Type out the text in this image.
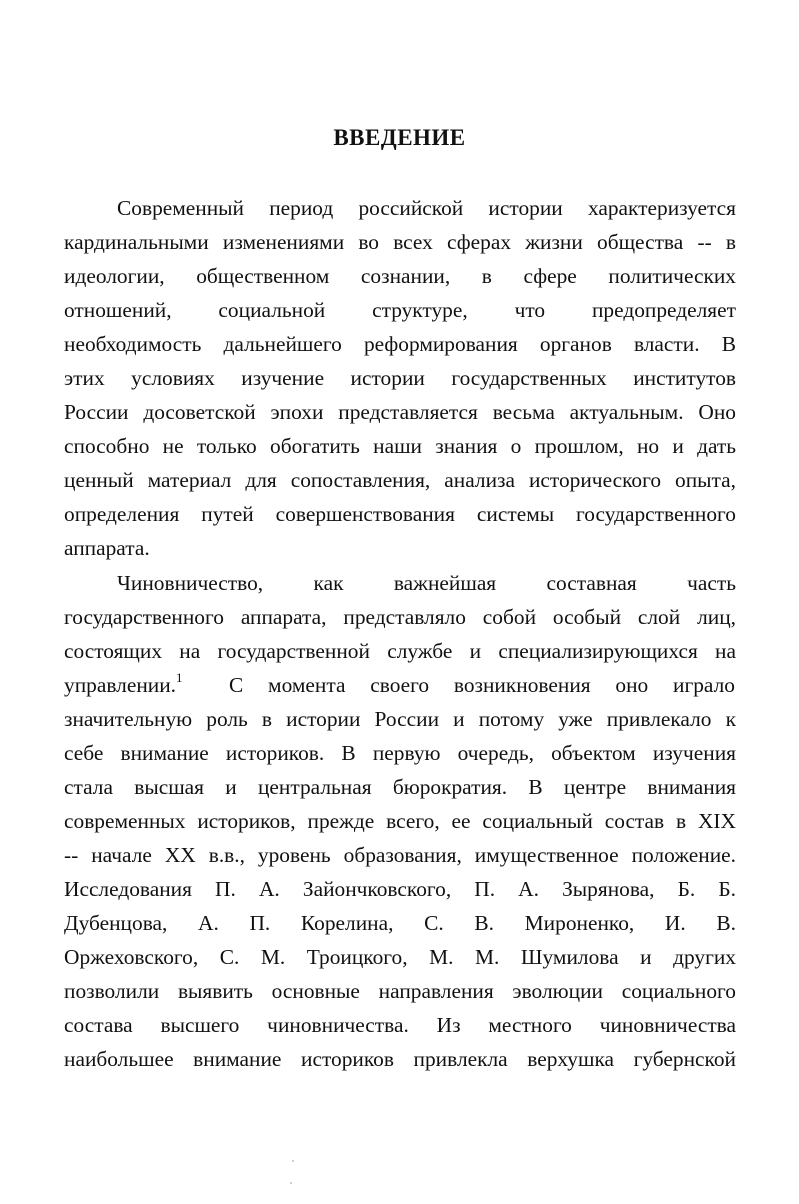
ВВЕДЕНИЕ
Современный период российской истории характеризуется
кардинальными изменениями во всех сферах жизни общества -- в
идеологии, общественном сознании, в сфере политических
отношений, социальной структуре, что предопределяет
необходимость дальнейшего реформирования органов власти. В
этих условиях изучение истории государственных институтов
России досоветской эпохи представляется весьма актуальным. Оно
способно не только обогатить наши знания о прошлом, но и дать
ценный материал для сопоставления, анализа исторического опыта,
определения путей совершенствования системы государственного
аппарата.
Чиновничество, как важнейшая составная часть
государственного аппарата, представляло собой особый слой лиц,
состоящих на государственной службе и специализирующихся на
управлении.$^1$ С момента своего возникновения оно играло
значительную роль в истории России и потому уже привлекало к
себе внимание историков. В первую очередь, объектом изучения
стала высшая и центральная бюрократия. В центре внимания
современных историков, прежде всего, ее социальный состав в XIX
-- начале XX в.в., уровень образования, имущественное положение.
Исследования П. А. Зайончковского, П. А. Зырянова, Б. Б.
Дубенцова, А. П. Корелина, С. В. Мироненко, И. В.
Оржеховского, С. М. Троицкого, М. М. Шумилова и других
позволили выявить основные направления эволюции социального
состава высшего чиновничества. Из местного чиновничества
наибольшее внимание историков привлекла верхушка губернской
